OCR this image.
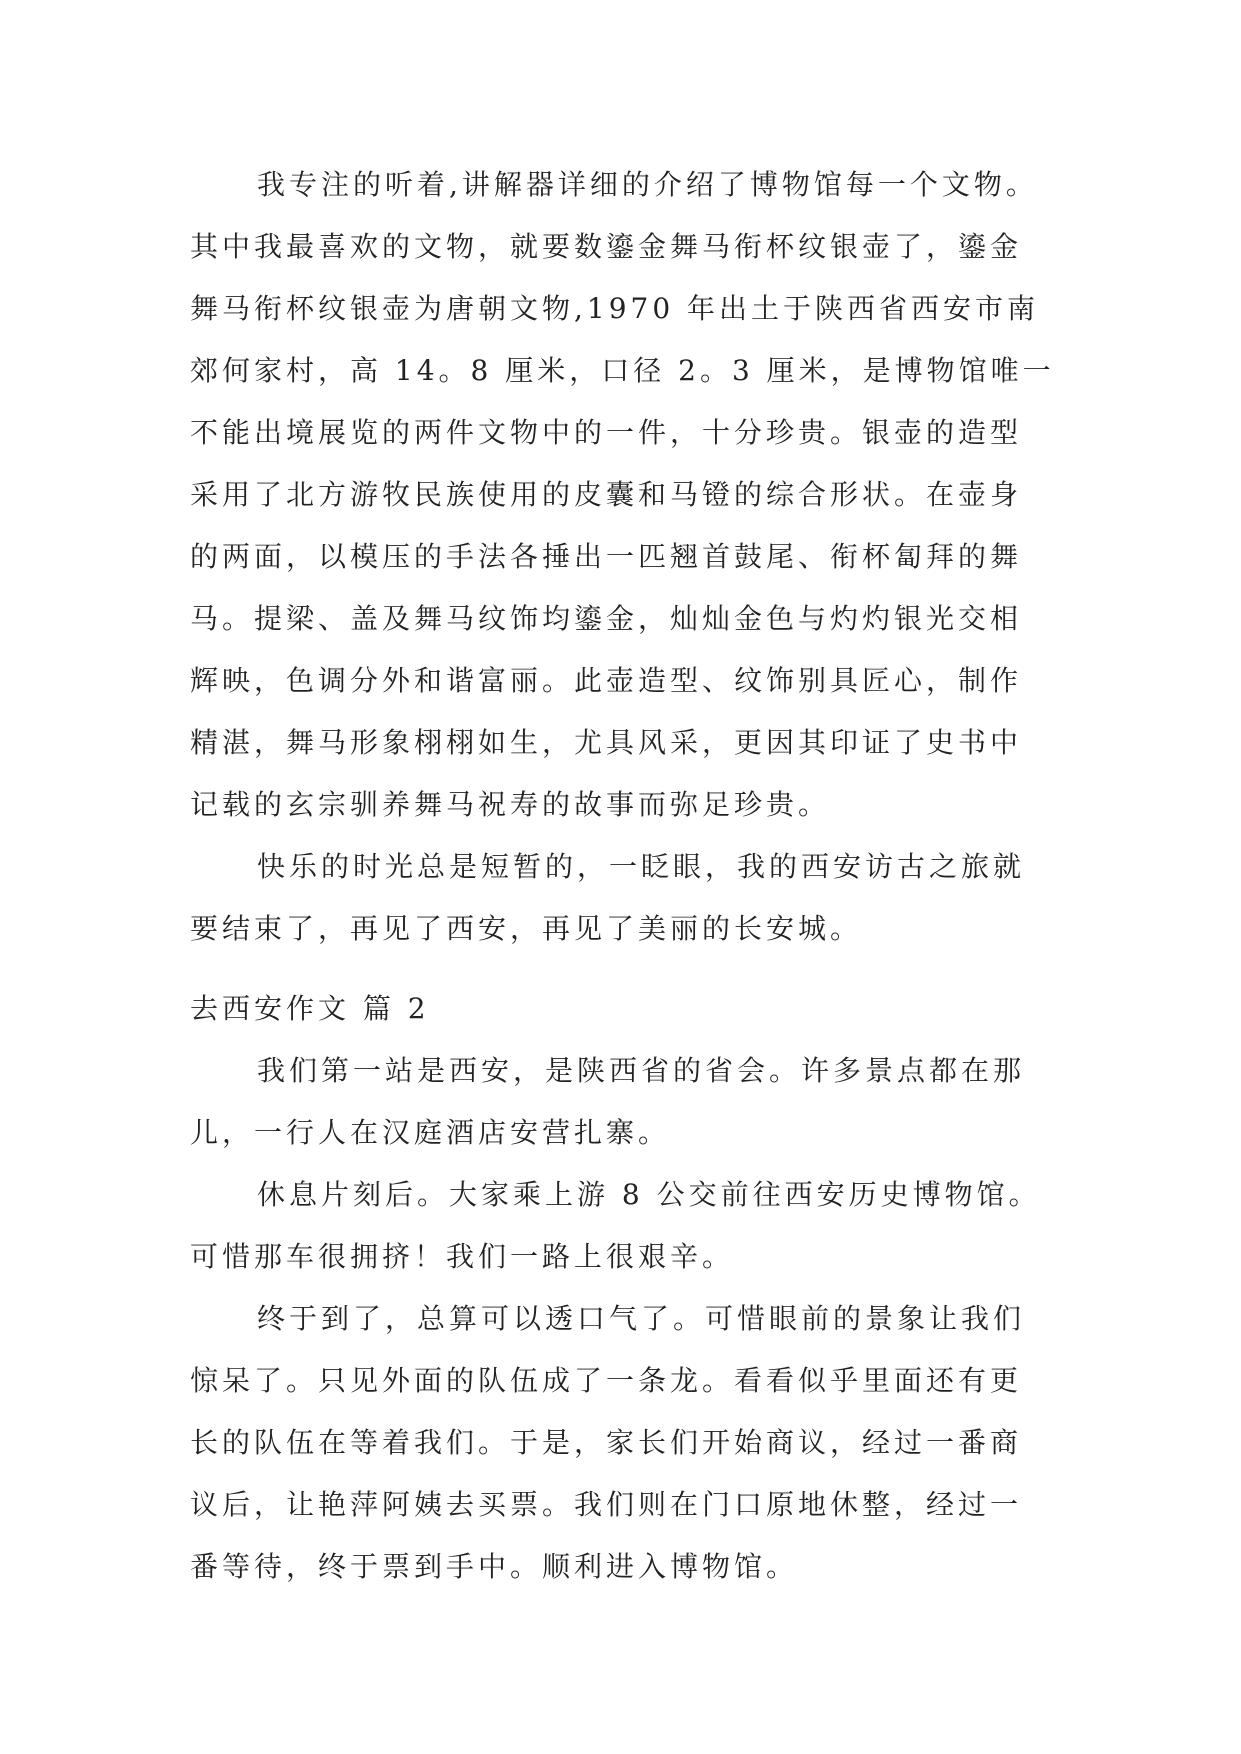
我专注的听着,讲解器详细的介绍了博物馆每一个文物。
其中我最喜欢的文物，就要数鎏金舞马衔杯纹银壶了，鎏金
舞马衔杯纹银壶为唐朝文物,1970 年出土于陕西省西安市南
郊何家村，高 14。8 厘米，口径 2。3 厘米，是博物馆唯一
不能出境展览的两件文物中的一件，十分珍贵。银壶的造型
采用了北方游牧民族使用的皮囊和马镫的综合形状。在壶身
的两面，以模压的手法各捶出一匹翘首鼓尾、衔杯匐拜的舞
马。提梁、盖及舞马纹饰均鎏金，灿灿金色与灼灼银光交相
辉映，色调分外和谐富丽。此壶造型、纹饰别具匠心，制作
精湛，舞马形象栩栩如生，尤具风采，更因其印证了史书中
记载的玄宗驯养舞马祝寿的故事而弥足珍贵。
快乐的时光总是短暂的，一眨眼，我的西安访古之旅就
要结束了，再见了西安，再见了美丽的长安城。
去西安作文 篇 2
我们第一站是西安，是陕西省的省会。许多景点都在那
儿，一行人在汉庭酒店安营扎寨。
休息片刻后。大家乘上游 8 公交前往西安历史博物馆。
可惜那车很拥挤！我们一路上很艰辛。
终于到了，总算可以透口气了。可惜眼前的景象让我们
惊呆了。只见外面的队伍成了一条龙。看看似乎里面还有更
长的队伍在等着我们。于是，家长们开始商议，经过一番商
议后，让艳萍阿姨去买票。我们则在门口原地休整，经过一
番等待，终于票到手中。顺利进入博物馆。
